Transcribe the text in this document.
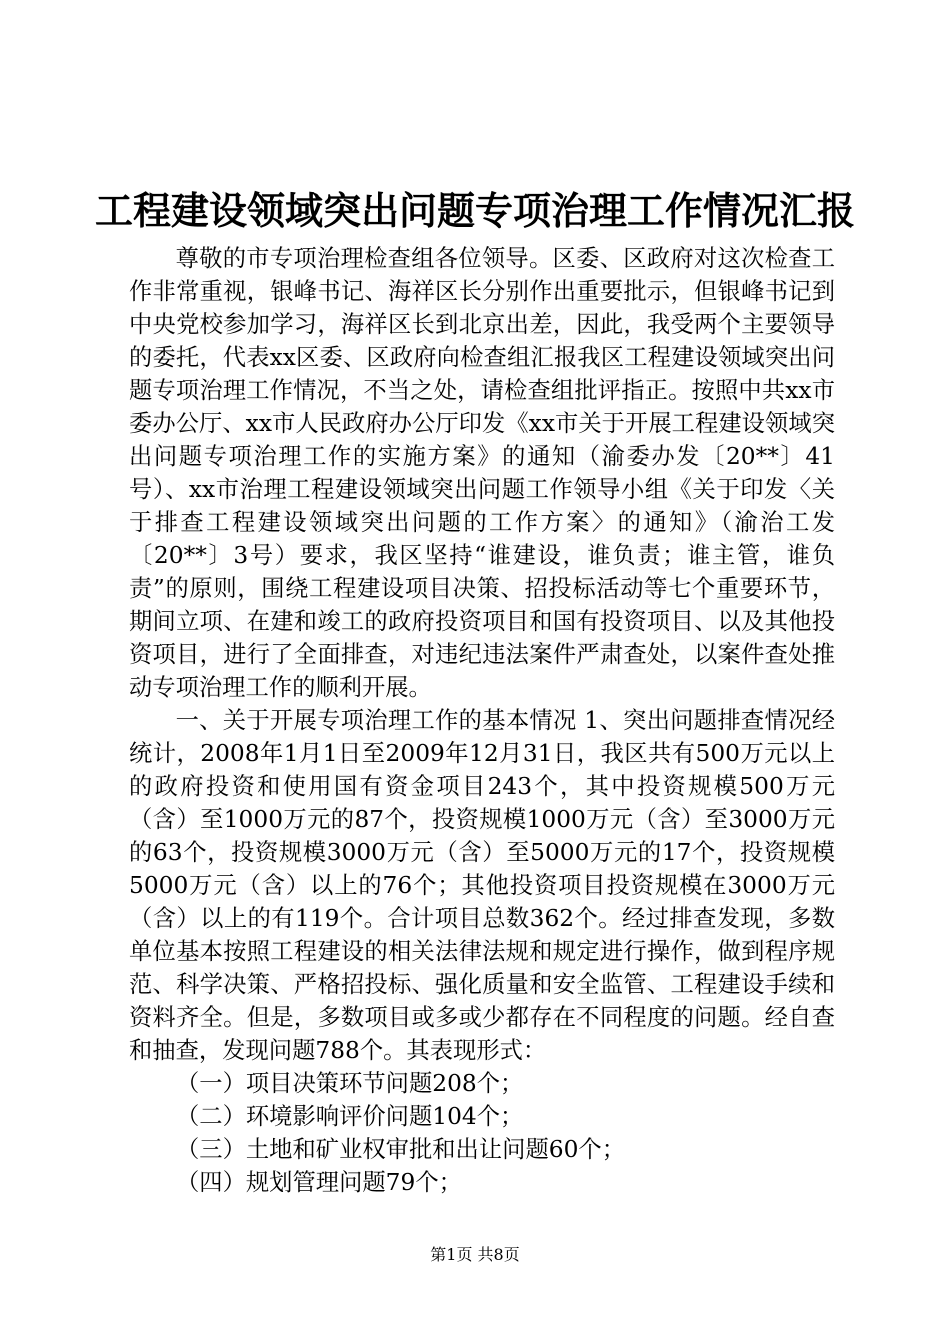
工程建设领域突出问题专项治理工作情况汇报

尊敬的市专项治理检查组各位领导。区委、区政府对这次检查工作非常重视，银峰书记、海祥区长分别作出重要批示，但银峰书记到中央党校参加学习，海祥区长到北京出差，因此，我受两个主要领导的委托，代表xx区委、区政府向检查组汇报我区工程建设领域突出问题专项治理工作情况，不当之处，请检查组批评指正。按照中共xx市委办公厅、xx市人民政府办公厅印发《xx市关于开展工程建设领域突出问题专项治理工作的实施方案》的通知（渝委办发〔20**〕41号）、xx市治理工程建设领域突出问题工作领导小组《关于印发〈关于排查工程建设领域突出问题的工作方案〉的通知》（渝治工发〔20**〕3号）要求，我区坚持“谁建设，谁负责；谁主管，谁负责”的原则，围绕工程建设项目决策、招投标活动等七个重要环节，期间立项、在建和竣工的政府投资项目和国有投资项目、以及其他投资项目，进行了全面排查，对违纪违法案件严肃查处，以案件查处推动专项治理工作的顺利开展。

一、关于开展专项治理工作的基本情况 1、突出问题排查情况经统计，2008年1月1日至2009年12月31日，我区共有500万元以上的政府投资和使用国有资金项目243个，其中投资规模500万元（含）至1000万元的87个，投资规模1000万元（含）至3000万元的63个，投资规模3000万元（含）至5000万元的17个，投资规模5000万元（含）以上的76个；其他投资项目投资规模在3000万元（含）以上的有119个。合计项目总数362个。经过排查发现，多数单位基本按照工程建设的相关法律法规和规定进行操作，做到程序规范、科学决策、严格招投标、强化质量和安全监管、工程建设手续和资料齐全。但是，多数项目或多或少都存在不同程度的问题。经自查和抽查，发现问题788个。其表现形式：

（一）项目决策环节问题208个；

（二）环境影响评价问题104个；

（三）土地和矿业权审批和出让问题60个；

（四）规划管理问题79个；

第1页 共8页
